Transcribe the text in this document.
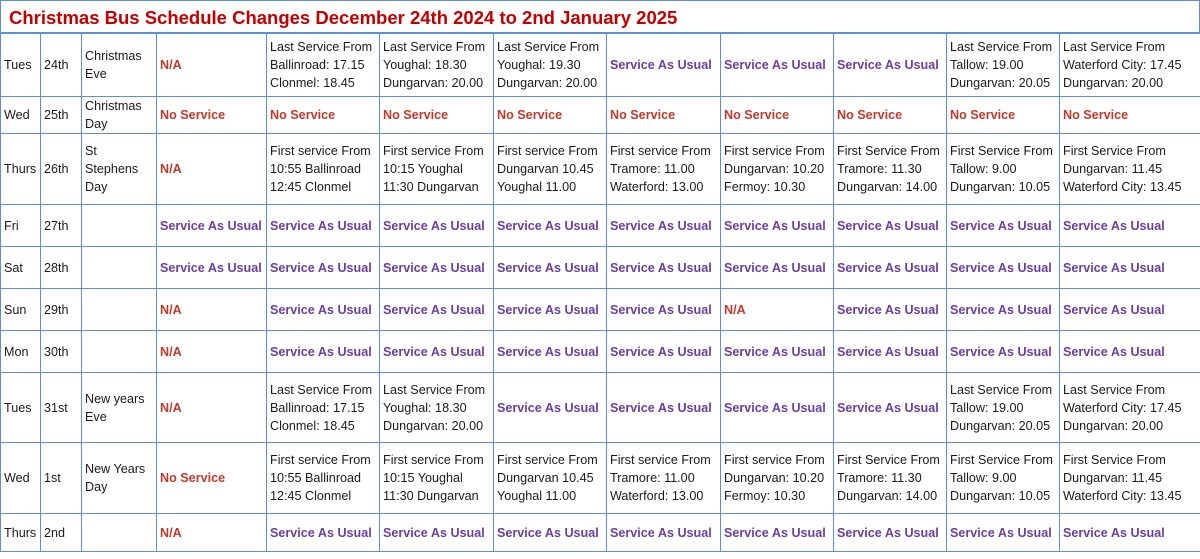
Christmas Bus Schedule Changes December 24th 2024 to 2nd January 2025
Tues	24th	Christmas Eve	N/A	Last Service From
Ballinroad: 17.15
Clonmel: 18.45	Last Service From
Youghal: 18.30
Dungarvan: 20.00	Last Service From
Youghal: 19.30
Dungarvan: 20.00	Service As Usual	Service As Usual	Service As Usual	Last Service From
Tallow: 19.00
Dungarvan: 20.05	Last Service From
Waterford City: 17.45
Dungarvan: 20.00

Wed	25th	Christmas Day	No Service	No Service	No Service	No Service	No Service	No Service	No Service	No Service	No Service
Thurs	26th	St Stephens Day	N/A	First service From
10:55 Ballinroad
12:45 Clonmel	First service From
10:15 Youghal
11:30 Dungarvan	First service From
Dungarvan 10.45
Youghal 11.00	First service From
Tramore: 11.00
Waterford: 13.00	First service From
Dungarvan: 10.20
Fermoy: 10.30	First Service From
Tramore: 11.30
Dungarvan: 14.00	First Service From
Tallow: 9.00
Dungarvan: 10.05	First Service From
Dungarvan: 11.45
Waterford City: 13.45

Fri	27th		Service As Usual	Service As Usual	Service As Usual	Service As Usual	Service As Usual	Service As Usual	Service As Usual	Service As Usual	Service As Usual
Sat	28th		Service As Usual	Service As Usual	Service As Usual	Service As Usual	Service As Usual	Service As Usual	Service As Usual	Service As Usual	Service As Usual
Sun	29th		N/A	Service As Usual	Service As Usual	Service As Usual	Service As Usual	N/A	Service As Usual	Service As Usual	Service As Usual
Mon	30th		N/A	Service As Usual	Service As Usual	Service As Usual	Service As Usual	Service As Usual	Service As Usual	Service As Usual	Service As Usual
Tues	31st	New years Eve	N/A	Last Service From
Ballinroad: 17.15
Clonmel: 18.45	Last Service From
Youghal: 18.30
Dungarvan: 20.00	Service As Usual	Service As Usual	Service As Usual	Service As Usual	Last Service From
Tallow: 19.00
Dungarvan: 20.05	Last Service From
Waterford City: 17.45
Dungarvan: 20.00

Wed	1st	New Years Day	No Service	First service From
10:55 Ballinroad
12:45 Clonmel	First service From
10:15 Youghal
11:30 Dungarvan	First service From
Dungarvan 10.45
Youghal 11.00	First service From
Tramore: 11.00
Waterford: 13.00	First service From
Dungarvan: 10.20
Fermoy: 10.30	First Service From
Tramore: 11.30
Dungarvan: 14.00	First Service From
Tallow: 9.00
Dungarvan: 10.05	First Service From
Dungarvan: 11.45
Waterford City: 13.45

Thurs	2nd		N/A	Service As Usual	Service As Usual	Service As Usual	Service As Usual	Service As Usual	Service As Usual	Service As Usual	Service As Usual
